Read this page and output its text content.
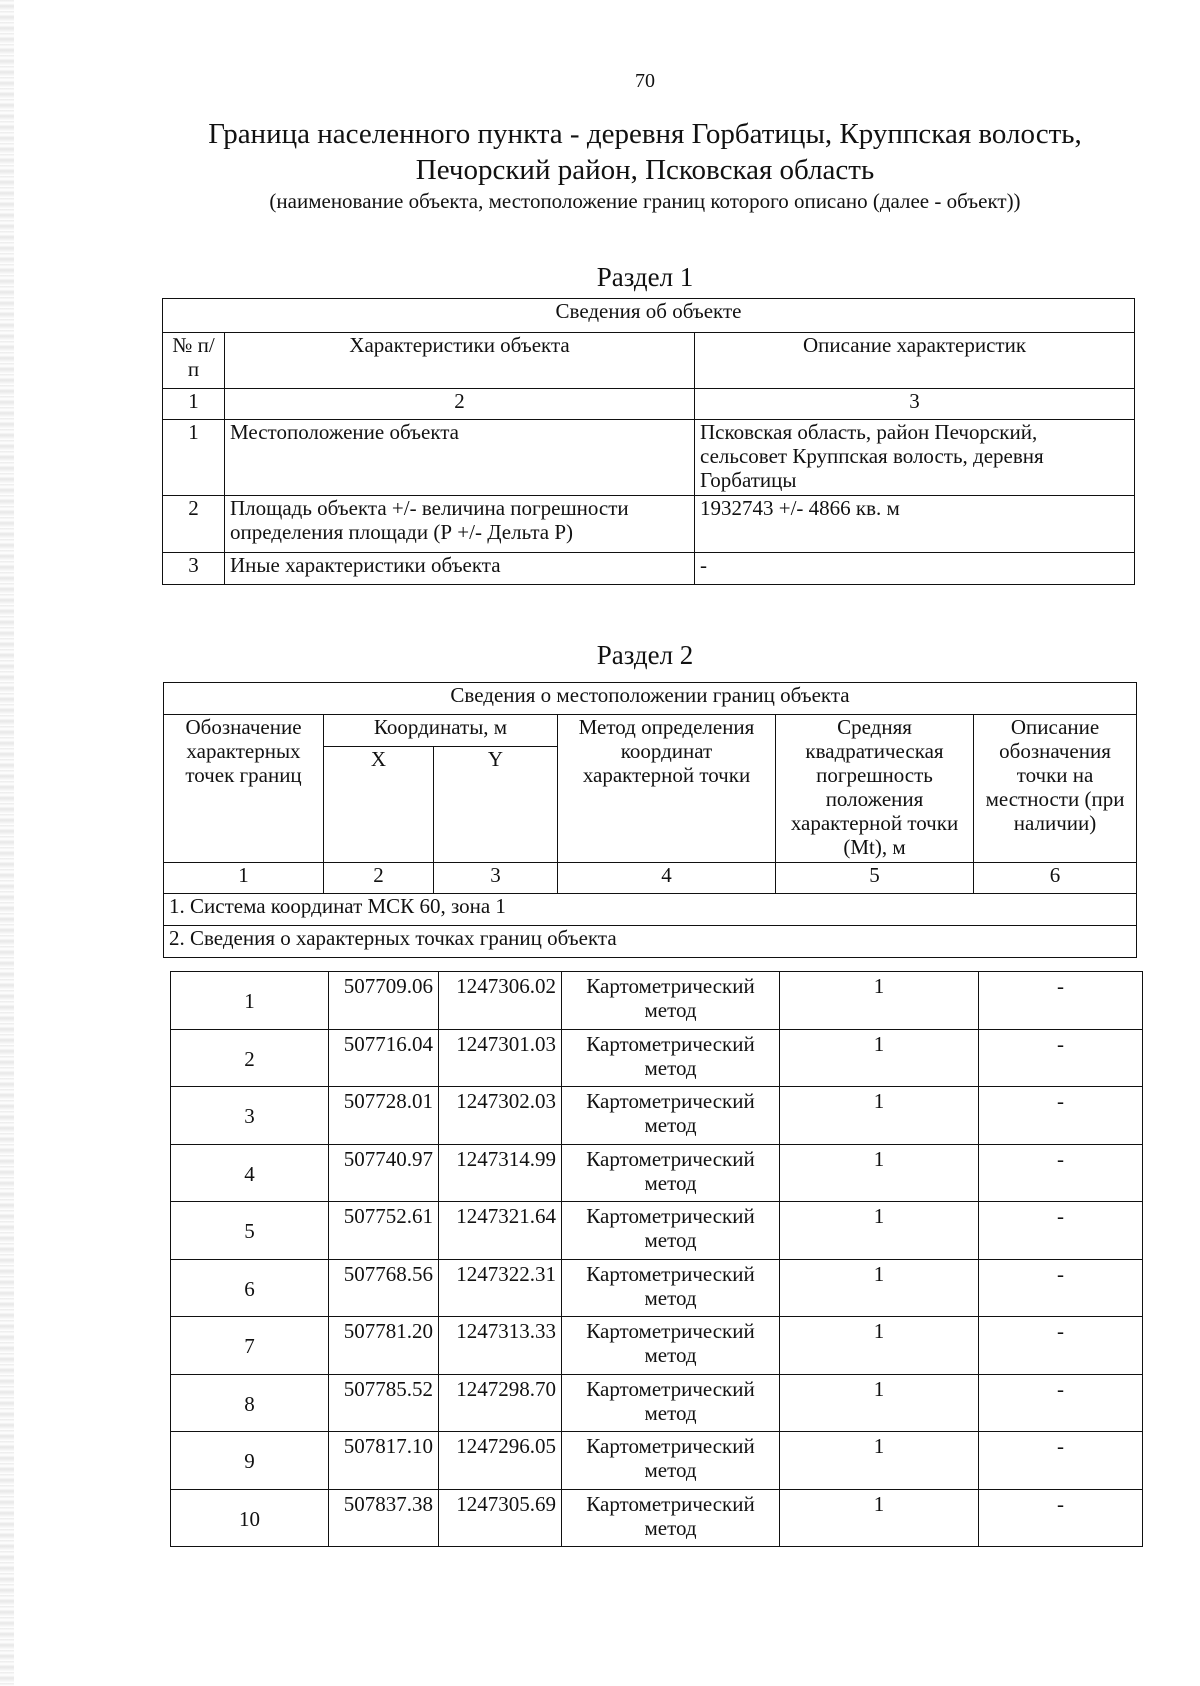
70
Граница населенного пункта - деревня Горбатицы, Круппская волость,
Печорский район, Псковская область
(наименование объекта, местоположение границ которого описано (далее - объект))
Раздел 1
Сведения об объекте		
№ п/п	Характеристики объекта	Описание характеристик
1	2	3
1	Местоположение объекта	Псковская область, район Печорский, сельсовет Круппская волость, деревня Горбатицы
2	Площадь объекта +/- величина погрешности определения площади (Р +/- Дельта Р)	1932743 +/- 4866 кв. м
3	Иные характеристики объекта	-
Раздел 2
Сведения о местоположении границ объекта					
Обозначение характерных точек границ	Координаты, м		Метод определения координат характерной точки	Средняя квадратическая погрешность положения характерной точки (Mt), м	Описание обозначения точки на местности (при наличии)
	X	Y			
1	2	3	4	5	6
1. Система координат МСК 60, зона 1					
2. Сведения о характерных точках границ объекта					
1	507709.06	1247306.02	Картометрический метод	1	-
2	507716.04	1247301.03	Картометрический метод	1	-
3	507728.01	1247302.03	Картометрический метод	1	-
4	507740.97	1247314.99	Картометрический метод	1	-
5	507752.61	1247321.64	Картометрический метод	1	-
6	507768.56	1247322.31	Картометрический метод	1	-
7	507781.20	1247313.33	Картометрический метод	1	-
8	507785.52	1247298.70	Картометрический метод	1	-
9	507817.10	1247296.05	Картометрический метод	1	-
10	507837.38	1247305.69	Картометрический метод	1	-
